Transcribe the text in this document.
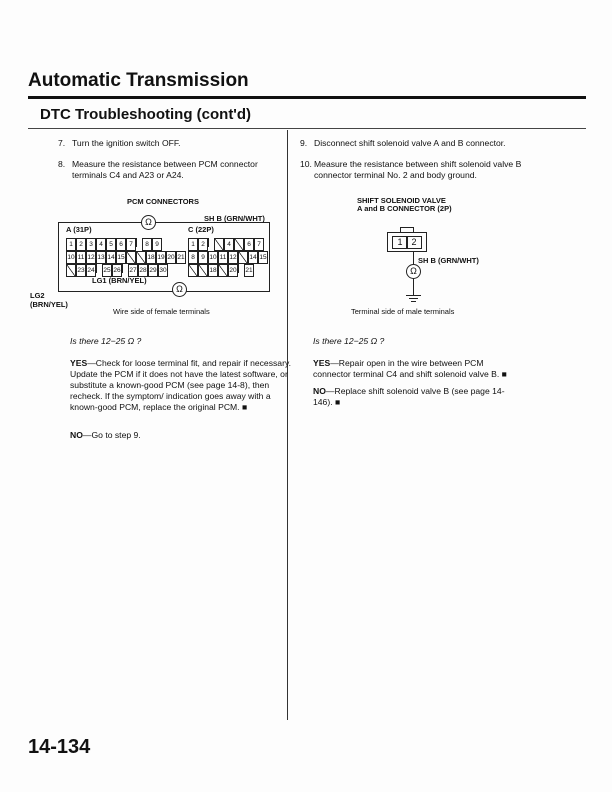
Automatic Transmission
DTC Troubleshooting (cont'd)
7. Turn the ignition switch OFF.
8. Measure the resistance between PCM connector terminals C4 and A23 or A24.
PCM CONNECTORS
Ω
Ω
SH B (GRN/WHT)
A (31P)	C (22P)
1 2 3 4 5 6 7	8 9
10 11 12 13 14 15	18 19 20 21
23 24 25 26 27 28 29 30
1 2	4	6 7
8 9 10 11 12 14 15
18 20 21
LG1 (BRN/YEL)
LG2
(BRN/YEL)
Wire side of female terminals
Is there 12−25 Ω ?
YES—Check for loose terminal fit, and repair if necessary. Update the PCM if it does not have the latest software, or substitute a known-good PCM (see page 14-8), then recheck. If the symptom/ indication goes away with a known-good PCM, replace the original PCM. ■
NO—Go to step 9.
9. Disconnect shift solenoid valve A and B connector.
10. Measure the resistance between shift solenoid valve B connector terminal No. 2 and body ground.
SHIFT SOLENOID VALVE
A and B CONNECTOR (2P)
1 2
SH B (GRN/WHT)
Ω
Terminal side of male terminals
Is there 12−25 Ω ?
YES—Repair open in the wire between PCM connector terminal C4 and shift solenoid valve B. ■
NO—Replace shift solenoid valve B (see page 14-146). ■
14-134
